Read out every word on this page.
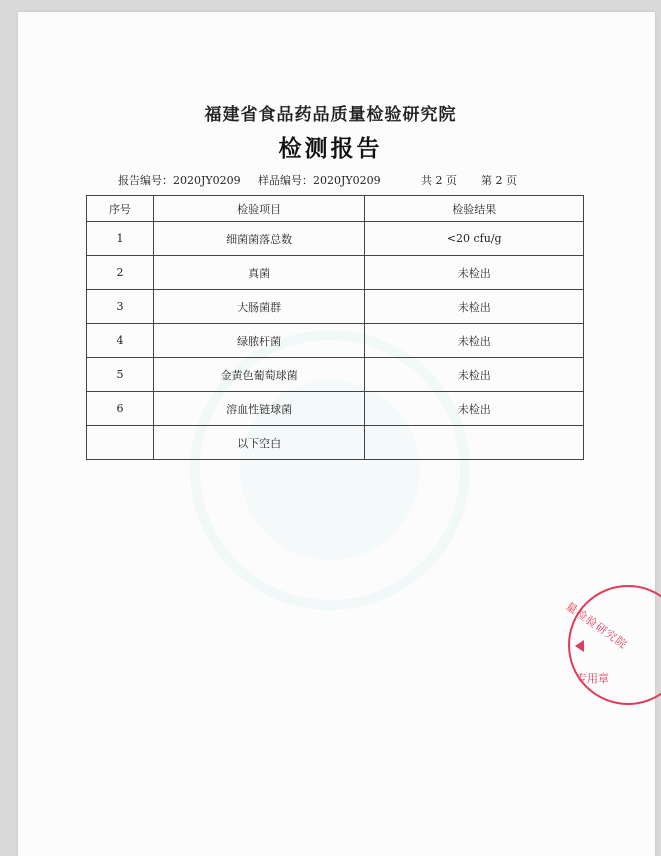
福建省食品药品质量检验研究院
检测报告
报告编号：2020JY0209 样品编号：2020JY0209	共 2 页 第 2 页
序号	检验项目	检验结果
1	细菌菌落总数	<20 cfu/g
2	真菌	未检出
3	大肠菌群	未检出
4	绿脓杆菌	未检出
5	金黄色葡萄球菌	未检出
6	溶血性链球菌	未检出
	以下空白	
量检验研究院
专用章
